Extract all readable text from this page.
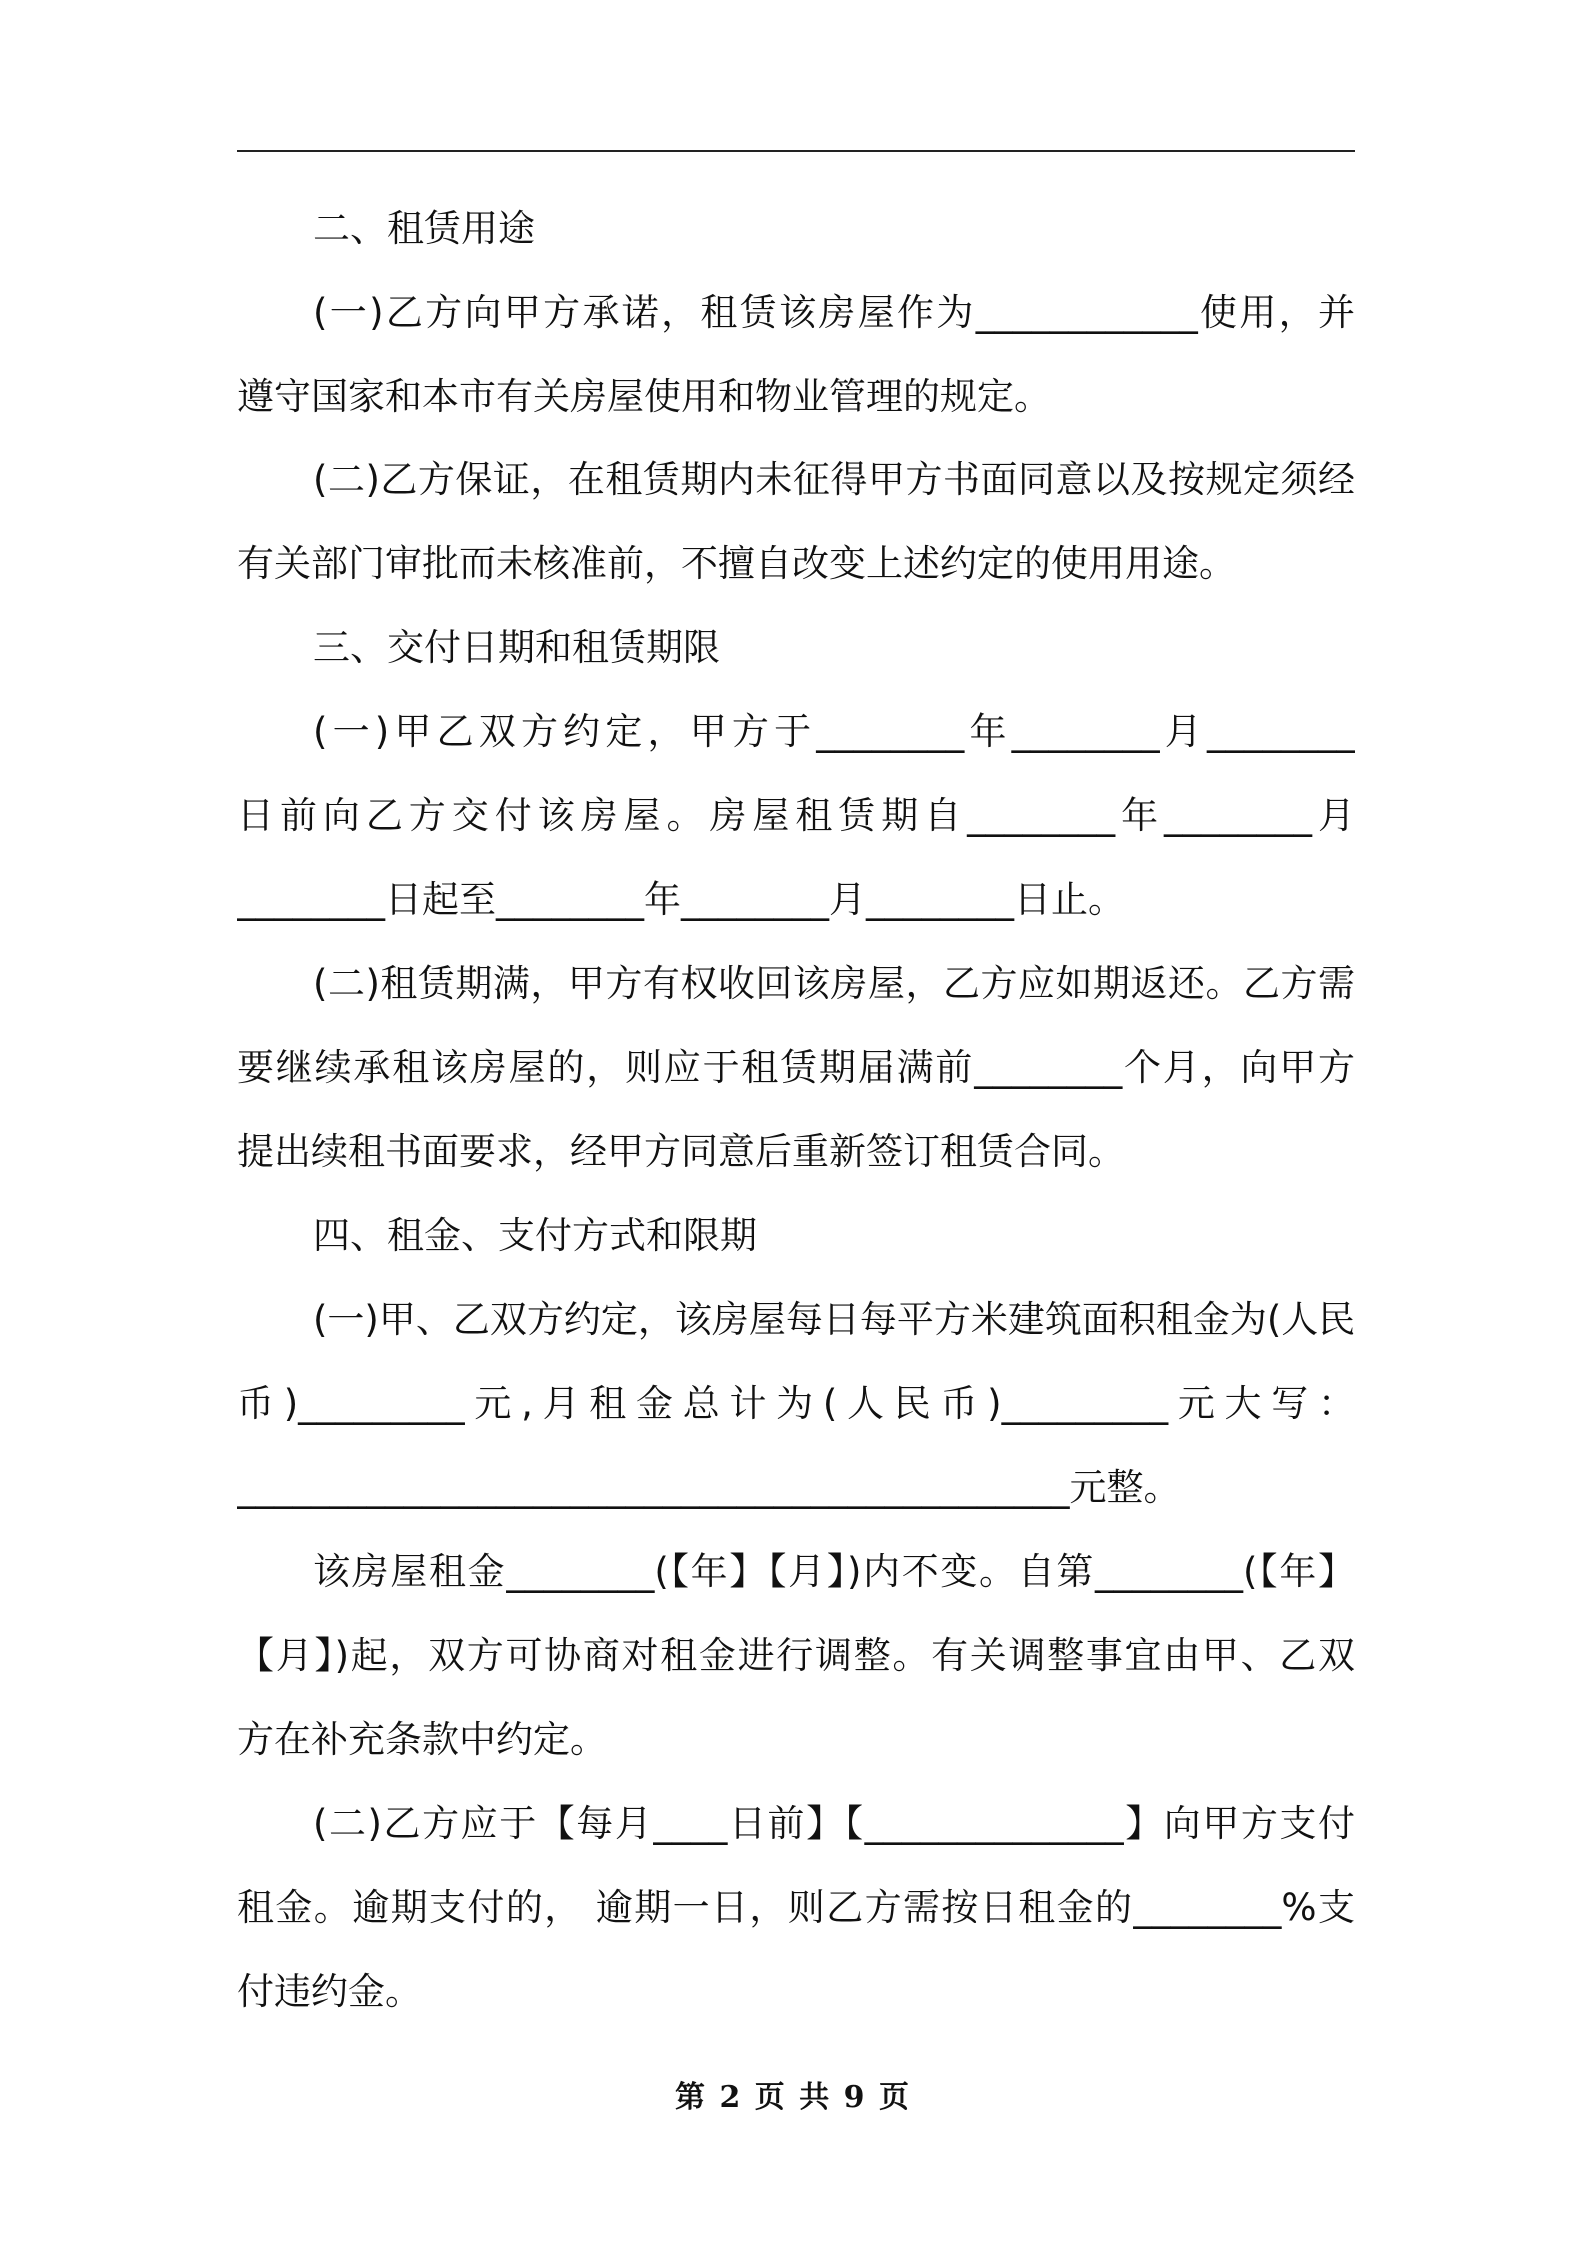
二、租赁用途
(一)乙方向甲方承诺，租赁该房屋作为____________使用，并
遵守国家和本市有关房屋使用和物业管理的规定。
(二)乙方保证，在租赁期内未征得甲方书面同意以及按规定须经
有关部门审批而未核准前，不擅自改变上述约定的使用用途。
三、交付日期和租赁期限
(一)甲乙双方约定，甲方于________年________月________
日前向乙方交付该房屋。房屋租赁期自________年________月
________日起至________年________月________日止。
(二)租赁期满，甲方有权收回该房屋，乙方应如期返还。乙方需
要继续承租该房屋的，则应于租赁期届满前________个月，向甲方
提出续租书面要求，经甲方同意后重新签订租赁合同。
四、租金、支付方式和限期
(一)甲、乙双方约定，该房屋每日每平方米建筑面积租金为(人民
币)_________元,月租金总计为(人民币)_________元大写：
_____________________________________________元整。
该房屋租金________(【年】【月】)内不变。自第________(【年】
【月】)起，双方可协商对租金进行调整。有关调整事宜由甲、乙双
方在补充条款中约定。
(二)乙方应于【每月____日前】【______________】向甲方支付
租金。逾期支付的， 逾期一日，则乙方需按日租金的________%支
付违约金。
第 2 页 共 9 页
